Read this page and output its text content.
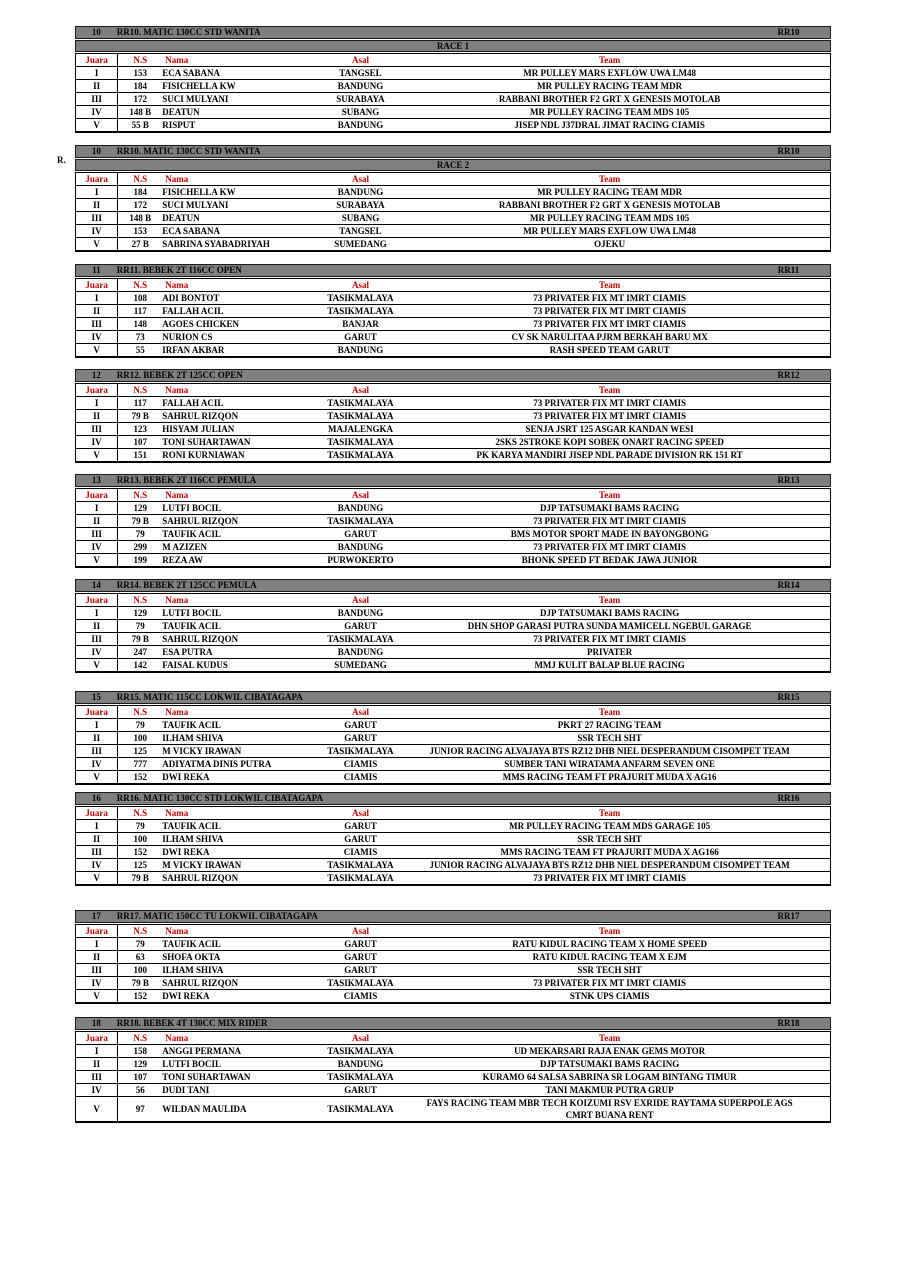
R.
10	RR10. MATIC 130CC STD WANITA	RR10
RACE 1
Juara	N.S	Nama	Asal	Team	
I	153	ECA SABANA	TANGSEL	MR PULLEY MARS EXFLOW UWA LM48	
II	184	FISICHELLA KW	BANDUNG	MR PULLEY RACING TEAM MDR	
III	172	SUCI MULYANI	SURABAYA	RABBANI BROTHER F2 GRT X GENESIS MOTOLAB	
IV	148 B	DEATUN	SUBANG	MR PULLEY RACING TEAM MDS 105	
V	55 B	RISPUT	BANDUNG	JISEP NDL J37DRAL JIMAT RACING CIAMIS	
10	RR10. MATIC 130CC STD WANITA	RR10
RACE 2
Juara	N.S	Nama	Asal	Team	
I	184	FISICHELLA KW	BANDUNG	MR PULLEY RACING TEAM MDR	
II	172	SUCI MULYANI	SURABAYA	RABBANI BROTHER F2 GRT X GENESIS MOTOLAB	
III	148 B	DEATUN	SUBANG	MR PULLEY RACING TEAM MDS 105	
IV	153	ECA SABANA	TANGSEL	MR PULLEY MARS EXFLOW UWA LM48	
V	27 B	SABRINA SYABADRIYAH	SUMEDANG	OJEKU	
11	RR11. BEBEK 2T 116CC OPEN	RR11
Juara	N.S	Nama	Asal	Team	
I	108	ADI BONTOT	TASIKMALAYA	73 PRIVATER FIX MT IMRT CIAMIS	
II	117	FALLAH ACIL	TASIKMALAYA	73 PRIVATER FIX MT IMRT CIAMIS	
III	148	AGOES CHICKEN	BANJAR	73 PRIVATER FIX MT IMRT CIAMIS	
IV	73	NURION CS	GARUT	CV SK NARULITAA PJRM BERKAH BARU MX	
V	55	IRFAN AKBAR	BANDUNG	RASH SPEED TEAM GARUT	
12	RR12. BEBEK 2T 125CC OPEN	RR12
Juara	N.S	Nama	Asal	Team	
I	117	FALLAH ACIL	TASIKMALAYA	73 PRIVATER FIX MT IMRT CIAMIS	
II	79 B	SAHRUL RIZQON	TASIKMALAYA	73 PRIVATER FIX MT IMRT CIAMIS	
III	123	HISYAM JULIAN	MAJALENGKA	SENJA JSRT 125 ASGAR KANDAN WESI	
IV	107	TONI SUHARTAWAN	TASIKMALAYA	2SKS 2STROKE KOPI SOBEK ONART RACING SPEED	
V	151	RONI KURNIAWAN	TASIKMALAYA	PK KARYA MANDIRI JISEP NDL PARADE DIVISION RK 151 RT	
13	RR13. BEBEK 2T 116CC PEMULA	RR13
Juara	N.S	Nama	Asal	Team	
I	129	LUTFI BOCIL	BANDUNG	DJP TATSUMAKI BAMS RACING	
II	79 B	SAHRUL RIZQON	TASIKMALAYA	73 PRIVATER FIX MT IMRT CIAMIS	
III	79	TAUFIK ACIL	GARUT	BMS MOTOR SPORT MADE IN BAYONGBONG	
IV	299	M AZIZEN	BANDUNG	73 PRIVATER FIX MT IMRT CIAMIS	
V	199	REZA AW	PURWOKERTO	BHONK SPEED FT BEDAK JAWA JUNIOR	
14	RR14. BEBEK 2T 125CC PEMULA	RR14
Juara	N.S	Nama	Asal	Team	
I	129	LUTFI BOCIL	BANDUNG	DJP TATSUMAKI BAMS RACING	
II	79	TAUFIK ACIL	GARUT	DHN SHOP GARASI PUTRA SUNDA MAMICELL NGEBUL GARAGE	
III	79 B	SAHRUL RIZQON	TASIKMALAYA	73 PRIVATER FIX MT IMRT CIAMIS	
IV	247	ESA PUTRA	BANDUNG	PRIVATER	
V	142	FAISAL KUDUS	SUMEDANG	MMJ KULIT BALAP BLUE RACING	
15	RR15. MATIC 115CC LOKWIL CIBATAGAPA	RR15
Juara	N.S	Nama	Asal	Team	
I	79	TAUFIK ACIL	GARUT	PKRT 27 RACING TEAM	
II	100	ILHAM SHIVA	GARUT	SSR TECH SHT	
III	125	M VICKY IRAWAN	TASIKMALAYA	JUNIOR RACING ALVAJAYA BTS RZ12 DHB NIEL DESPERANDUM CISOMPET TEAM	
IV	777	ADIYATMA DINIS PUTRA	CIAMIS	SUMBER TANI WIRATAMA ANFARM SEVEN ONE	
V	152	DWI REKA	CIAMIS	MMS RACING TEAM FT PRAJURIT MUDA X AG16	
16	RR16. MATIC 130CC STD LOKWIL CIBATAGAPA	RR16
Juara	N.S	Nama	Asal	Team	
I	79	TAUFIK ACIL	GARUT	MR PULLEY RACING TEAM MDS GARAGE 105	
II	100	ILHAM SHIVA	GARUT	SSR TECH SHT	
III	152	DWI REKA	CIAMIS	MMS RACING TEAM FT PRAJURIT MUDA X AG166	
IV	125	M VICKY IRAWAN	TASIKMALAYA	JUNIOR RACING ALVAJAYA BTS RZ12 DHB NIEL DESPERANDUM CISOMPET TEAM	
V	79 B	SAHRUL RIZQON	TASIKMALAYA	73 PRIVATER FIX MT IMRT CIAMIS	
17	RR17. MATIC 150CC TU LOKWIL CIBATAGAPA	RR17
Juara	N.S	Nama	Asal	Team	
I	79	TAUFIK ACIL	GARUT	RATU KIDUL RACING TEAM X HOME SPEED	
II	63	SHOFA OKTA	GARUT	RATU KIDUL RACING TEAM X EJM	
III	100	ILHAM SHIVA	GARUT	SSR TECH SHT	
IV	79 B	SAHRUL RIZQON	TASIKMALAYA	73 PRIVATER FIX MT IMRT CIAMIS	
V	152	DWI REKA	CIAMIS	STNK UPS CIAMIS	
18	RR18. BEBEK 4T 130CC MIX RIDER	RR18
Juara	N.S	Nama	Asal	Team	
I	158	ANGGI PERMANA	TASIKMALAYA	UD MEKARSARI RAJA ENAK GEMS MOTOR	
II	129	LUTFI BOCIL	BANDUNG	DJP TATSUMAKI BAMS RACING	
III	107	TONI SUHARTAWAN	TASIKMALAYA	KURAMO 64 SALSA SABRINA SR LOGAM BINTANG TIMUR	
IV	56	DUDI TANI	GARUT	TANI MAKMUR PUTRA GRUP	
V	97	WILDAN MAULIDA	TASIKMALAYA	FAYS RACING TEAM MBR TECH KOIZUMI RSV EXRIDE RAYTAMA SUPERPOLE AGS CMRT BUANA RENT	
